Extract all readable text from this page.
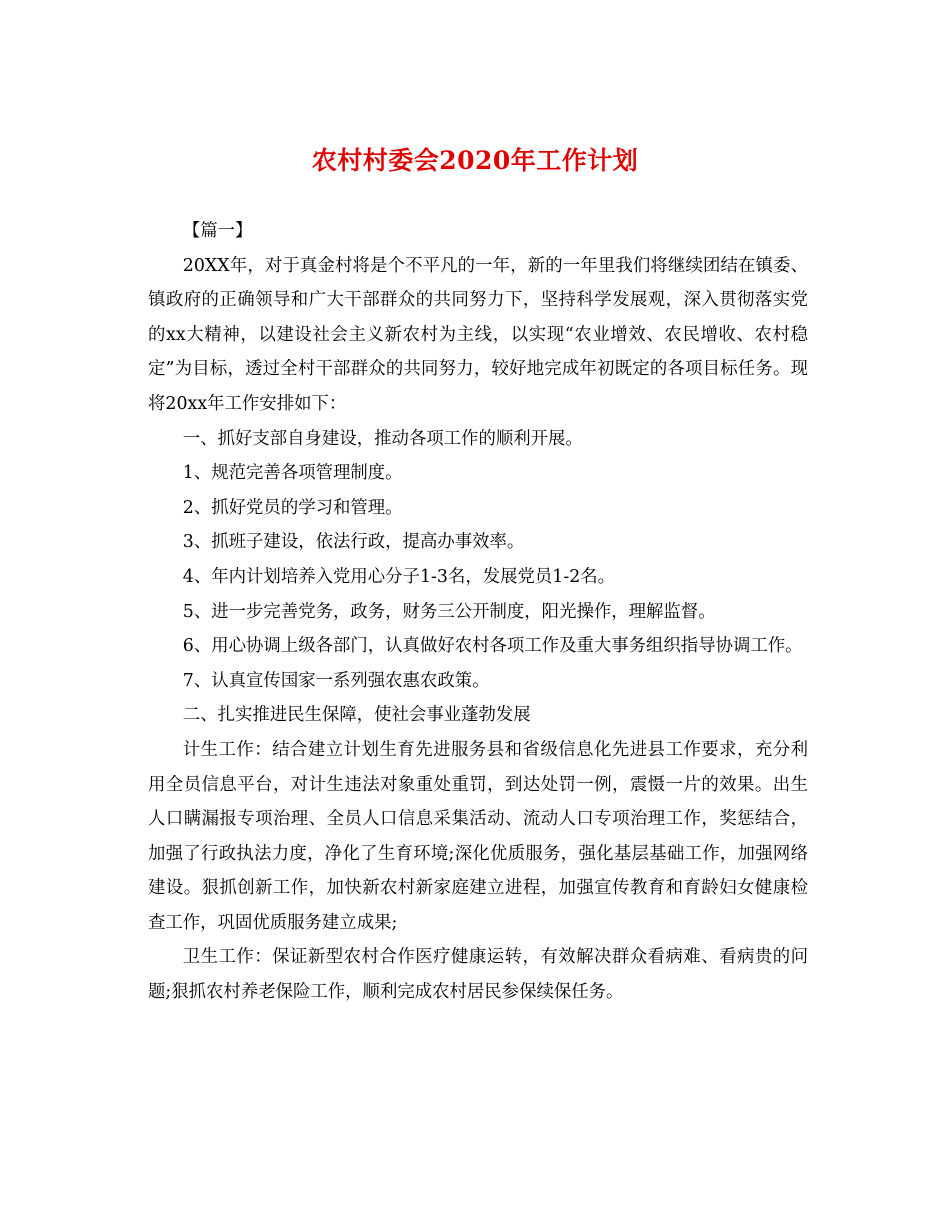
农村村委会2020年工作计划

【篇一】

20XX年，对于真金村将是个不平凡的一年，新的一年里我们将继续团结在镇委、镇政府的正确领导和广大干部群众的共同努力下，坚持科学发展观，深入贯彻落实党的xx大精神，以建设社会主义新农村为主线，以实现“农业增效、农民增收、农村稳定”为目标，透过全村干部群众的共同努力，较好地完成年初既定的各项目标任务。现将20xx年工作安排如下：

一、抓好支部自身建设，推动各项工作的顺利开展。

1、规范完善各项管理制度。

2、抓好党员的学习和管理。

3、抓班子建设，依法行政，提高办事效率。

4、年内计划培养入党用心分子1-3名，发展党员1-2名。

5、进一步完善党务，政务，财务三公开制度，阳光操作，理解监督。

6、用心协调上级各部门，认真做好农村各项工作及重大事务组织指导协调工作。

7、认真宣传国家一系列强农惠农政策。

二、扎实推进民生保障，使社会事业蓬勃发展

计生工作：结合建立计划生育先进服务县和省级信息化先进县工作要求，充分利用全员信息平台，对计生违法对象重处重罚，到达处罚一例，震慑一片的效果。出生人口瞒漏报专项治理、全员人口信息采集活动、流动人口专项治理工作，奖惩结合，加强了行政执法力度，净化了生育环境;深化优质服务，强化基层基础工作，加强网络建设。狠抓创新工作，加快新农村新家庭建立进程，加强宣传教育和育龄妇女健康检查工作，巩固优质服务建立成果;

卫生工作：保证新型农村合作医疗健康运转，有效解决群众看病难、看病贵的问题;狠抓农村养老保险工作，顺利完成农村居民参保续保任务。
